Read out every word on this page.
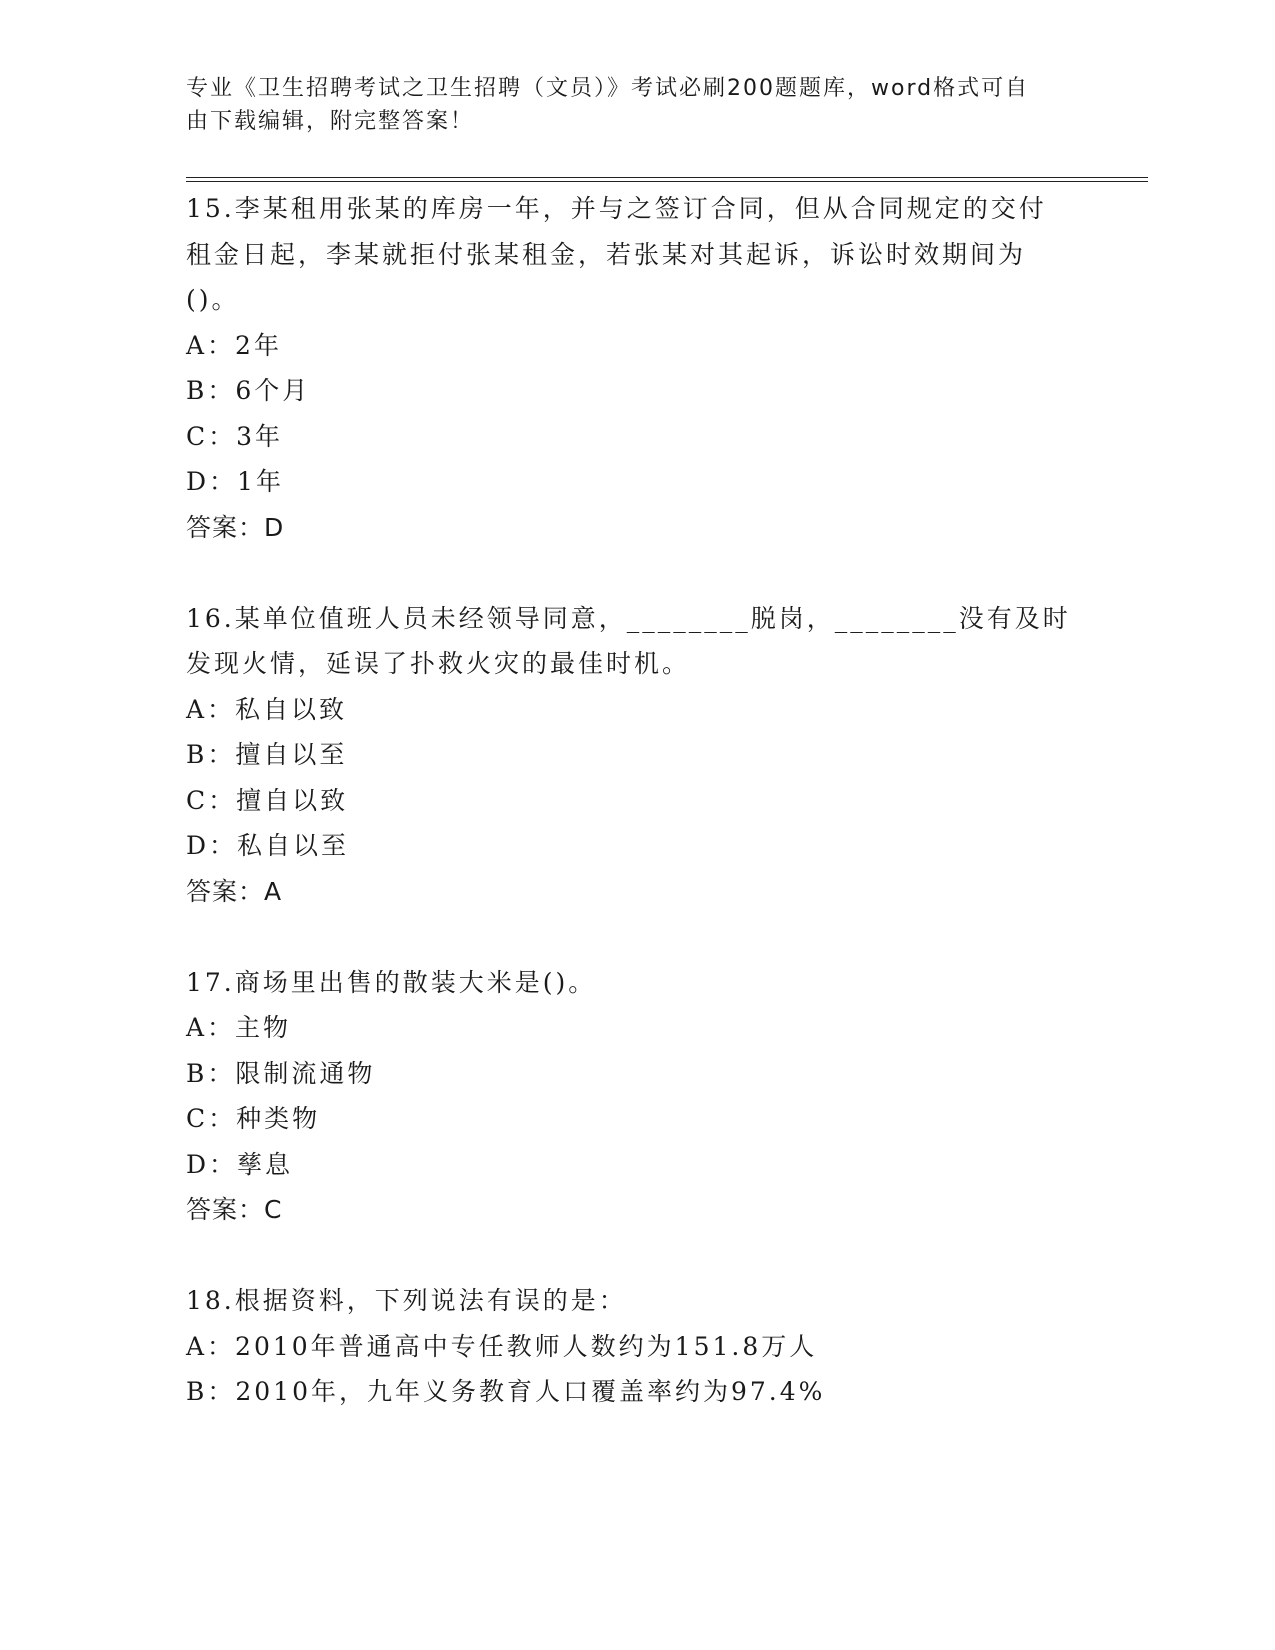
专业《卫生招聘考试之卫生招聘（文员）》考试必刷200题题库，word格式可自
由下载编辑，附完整答案！
15.李某租用张某的库房一年，并与之签订合同，但从合同规定的交付
租金日起，李某就拒付张某租金，若张某对其起诉，诉讼时效期间为
()。
A：2年
B：6个月
C：3年
D：1年
答案：D
16.某单位值班人员未经领导同意，________脱岗，________没有及时
发现火情，延误了扑救火灾的最佳时机。
A：私自以致
B：擅自以至
C：擅自以致
D：私自以至
答案：A
17.商场里出售的散装大米是()。
A：主物
B：限制流通物
C：种类物
D：孳息
答案：C
18.根据资料，下列说法有误的是：
A：2010年普通高中专任教师人数约为151.8万人
B：2010年，九年义务教育人口覆盖率约为97.4%
